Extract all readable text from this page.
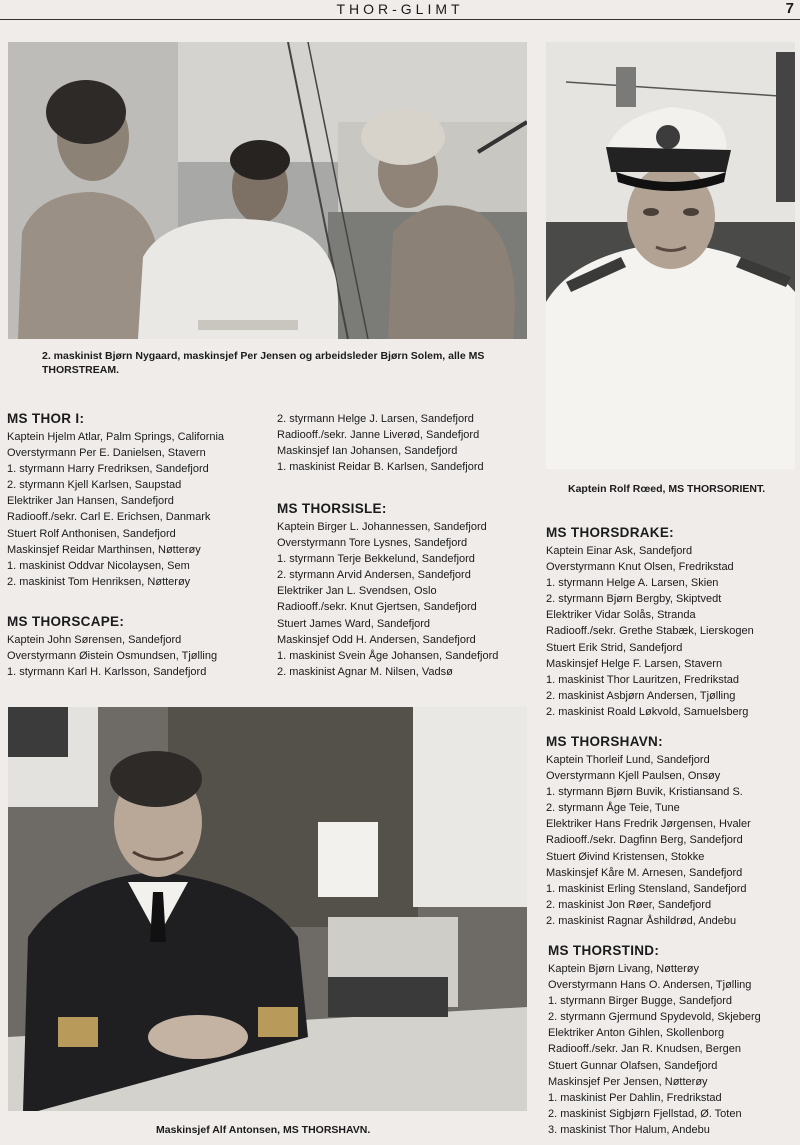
THOR-GLIMT	7
2. maskinist Bjørn Nygaard, maskinsjef Per Jensen og arbeidsleder Bjørn Solem, alle MS THORSTREAM.
Kaptein Rolf Rœed, MS THORSORIENT.
MS THOR I:
Kaptein Hjelm Atlar, Palm Springs, California
Overstyrmann Per E. Danielsen, Stavern
1. styrmann Harry Fredriksen, Sandefjord
2. styrmann Kjell Karlsen, Saupstad
Elektriker Jan Hansen, Sandefjord
Radiooff./sekr. Carl E. Erichsen, Danmark
Stuert Rolf Anthonisen, Sandefjord
Maskinsjef Reidar Marthinsen, Nøtterøy
1. maskinist Oddvar Nicolaysen, Sem
2. maskinist Tom Henriksen, Nøtterøy
MS THORSCAPE:
Kaptein John Sørensen, Sandefjord
Overstyrmann Øistein Osmundsen, Tjølling
1. styrmann Karl H. Karlsson, Sandefjord
2. styrmann Helge J. Larsen, Sandefjord
Radiooff./sekr. Janne Liverød, Sandefjord
Maskinsjef Ian Johansen, Sandefjord
1. maskinist Reidar B. Karlsen, Sandefjord
MS THORSISLE:
Kaptein Birger L. Johannessen, Sandefjord
Overstyrmann Tore Lysnes, Sandefjord
1. styrmann Terje Bekkelund, Sandefjord
2. styrmann Arvid Andersen, Sandefjord
Elektriker Jan L. Svendsen, Oslo
Radiooff./sekr. Knut Gjertsen, Sandefjord
Stuert James Ward, Sandefjord
Maskinsjef Odd H. Andersen, Sandefjord
1. maskinist Svein Åge Johansen, Sandefjord
2. maskinist Agnar M. Nilsen, Vadsø
MS THORSDRAKE:
Kaptein Einar Ask, Sandefjord
Overstyrmann Knut Olsen, Fredrikstad
1. styrmann Helge A. Larsen, Skien
2. styrmann Bjørn Bergby, Skiptvedt
Elektriker Vidar Solås, Stranda
Radiooff./sekr. Grethe Stabæk, Lierskogen
Stuert Erik Strid, Sandefjord
Maskinsjef Helge F. Larsen, Stavern
1. maskinist Thor Lauritzen, Fredrikstad
2. maskinist Asbjørn Andersen, Tjølling
2. maskinist Roald Løkvold, Samuelsberg
MS THORSHAVN:
Kaptein Thorleif Lund, Sandefjord
Overstyrmann Kjell Paulsen, Onsøy
1. styrmann Bjørn Buvik, Kristiansand S.
2. styrmann Åge Teie, Tune
Elektriker Hans Fredrik Jørgensen, Hvaler
Radiooff./sekr. Dagfinn Berg, Sandefjord
Stuert Øivind Kristensen, Stokke
Maskinsjef Kåre M. Arnesen, Sandefjord
1. maskinist Erling Stensland, Sandefjord
2. maskinist Jon Røer, Sandefjord
2. maskinist Ragnar Åshildrød, Andebu
MS THORSTIND:
Kaptein Bjørn Livang, Nøtterøy
Overstyrmann Hans O. Andersen, Tjølling
1. styrmann Birger Bugge, Sandefjord
2. styrmann Gjermund Spydevold, Skjeberg
Elektriker Anton Gihlen, Skollenborg
Radiooff./sekr. Jan R. Knudsen, Bergen
Stuert Gunnar Olafsen, Sandefjord
Maskinsjef Per Jensen, Nøtterøy
1. maskinist Per Dahlin, Fredrikstad
2. maskinist Sigbjørn Fjellstad, Ø. Toten
3. maskinist Thor Halum, Andebu
Maskinsjef Alf Antonsen, MS THORSHAVN.
